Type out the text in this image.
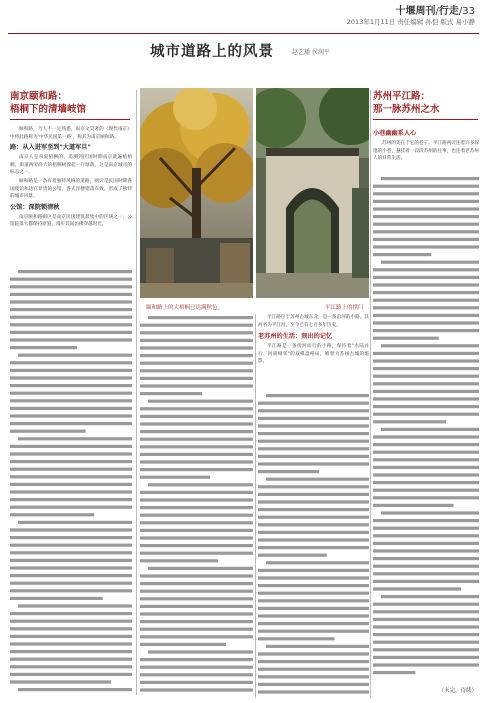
十堰周刊/行走/33
2013年1月11日 责任编辑 孙恺 版式 易小静
城市道路上的风景	赵艺璠 侯润平
南京颐和路：
梧桐下的清墙岐馆
苏州平江路：
那一脉苏州之水

颐和路，乃人不一定熟悉，南京文昊著的《现代南京》中将此路称为‘中华民国第一路’，称其为南京颐和路。

路：从入进军至到"大道军旦"

南京人是喜爱梧桐的，追溯到民国时期南京就遍植梧桐，街道两旁高大的梧桐树撑起一片绿荫，这是南京城市的标志之一。

颐和路是一条有着独特风格的道路，两旁是民国时期各国使馆和达官显贵的公馆，各式洋楼错落有致，形成了独特的城市风景。

公馆：深院锁清秋

南京颐和路街区是南京民国建筑最集中的区域之一，公馆院落大都保持原貌，漫步其间仿佛穿越时光。

颐和路上的大梧桐已达满秋色。	平江路上的拱门

平江路位于苏州古城东北，是一条沿河的小路，其河名为平江河，至今已有七百多年历史。

老苏州的生活：刻出的记忆

平江路是一条傍河而行的小路，保持着"水陆并行、河街相邻"的双棋盘格局，被誉为苏州古城的缩影。

小巷幽幽系人心

苏州的美在于它的巷子。平江路两旁连着许多深邃的小巷，悬挂着一段段苏州的往事，也连着老苏州人的日常生活。

（未完，待续）
